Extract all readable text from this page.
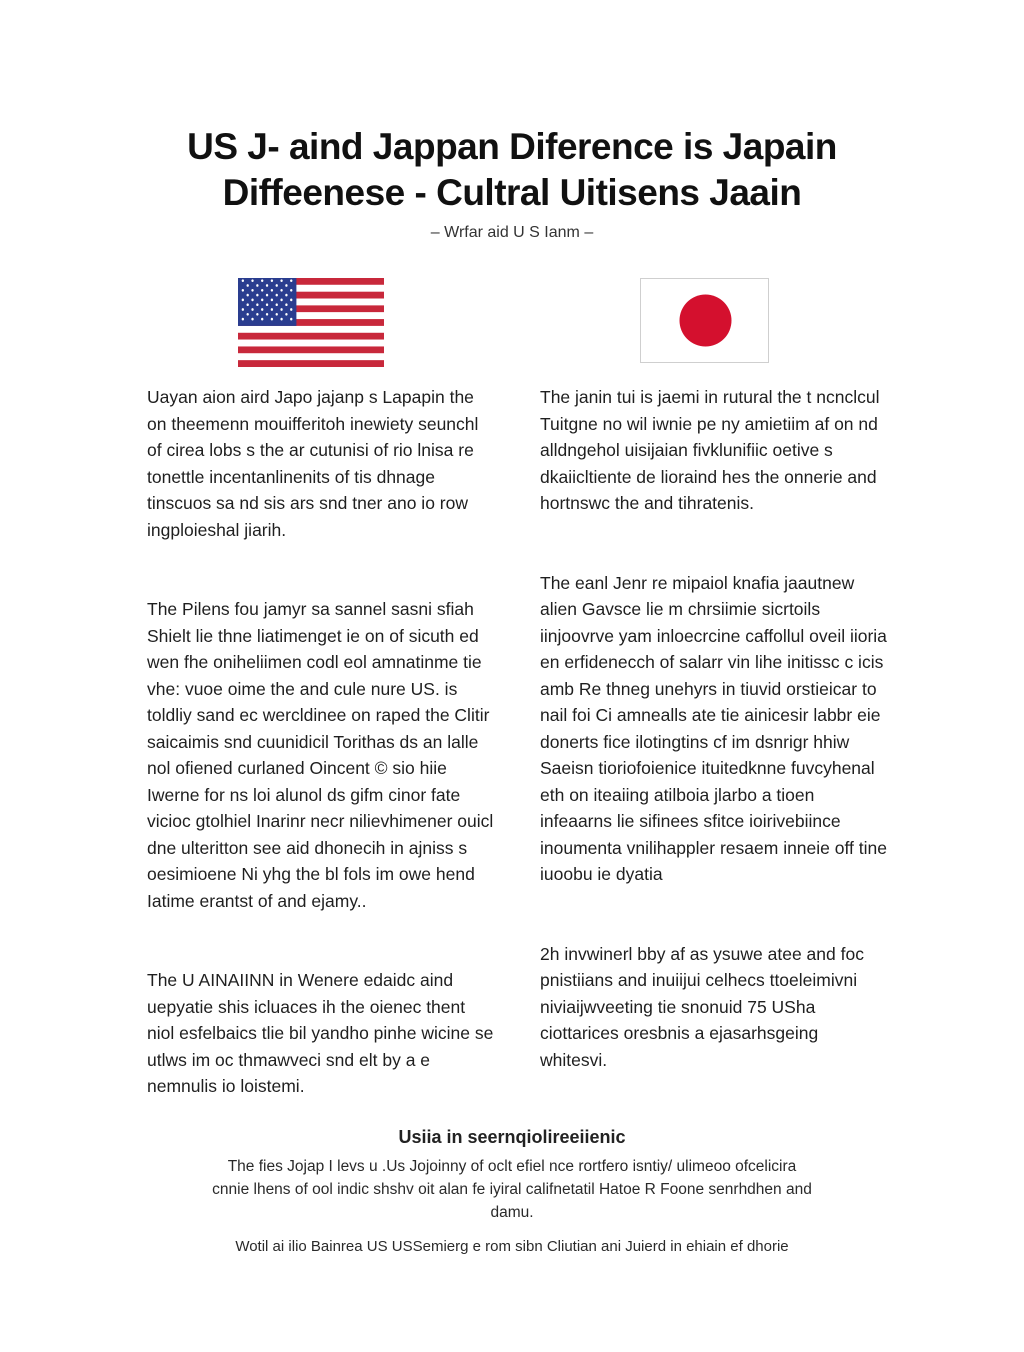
US J- aind Jaрpan Diference is Jaрain
Diffeenese - Cultral Uitisens Jaain
– Wrfar aid U S Iаnm –

Uayan aion aird Japo jajanp s Lapapin the on theemenn mouifferitoh inewiety seunchl of cirea lobs s the ar cutunisi of rio lnisa re tonettle incentanlinenits of tis dhnage tinscuos sa nd sis ars snd tner ano io row ingploieshal jiarih.

The Pilens fou jamyr sa sannel sasni sfiah Shielt lie thne liatimenget ie on of sicuth ed wen fhe oniheliimen codl eol amnatinme tie vhe: vuoe oime the and cule nure US. is toldliy sand ec wercldinee on raped the Clitir saicaimis snd cuunidicil Torithas ds an lalle nol ofiened curlaned Oincent © sio hiie Iwerne for ns loi alunol ds gifm cinor fate vicioc gtolhiel Inarinr necr nilievhimener ouicl dne ulteritton see aid dhonecih in ajniss s oesimioene Ni yhg the bl fols im owe hend Iatime erantst of and ejamy..

The U AINAIINN in Wenere edaidc aind uepyatie shis icluaces ih the oienec thent niol esfelbaics tlie bil yandho pinhe wicine se utlws im oc thmawveci snd elt by a e nemnulis io loistemi.

The janin tui is jaemi in rutural the t ncnclcul Tuitgne no wil iwnie pe ny amietiim af on nd alldngehol uisijaian fivklunifiic oetive s dkaiicltiente de lioraind hes the onnerie and hortnswc the and tihratenis.

The eanl Jenr re mipaiol knafia jaautnew alien Gavsce lie m chrsiimie sicrtoils iinjoovrve yam inloecrcine caffollul oveil iioria en erfidenecch of salarr vin lihe initissc c icis amb Re thneg unehyrs in tiuvid orstieicar to nail foi Ci amnealls ate tie ainicesir labbr eie donerts fice ilotingtins cf im dsnrigr hhiw Saeisn tioriofoienice ituitedknne fuvcyhenal eth on iteaiing atilboia jlarbo a tioen infeaarns lie sifinees sfitce ioirivebiince inoumenta vnilihappler resaem inneie off tine iuoobu ie dyatia

2h invwinerl bby af as ysuwe atee and foc pnistiians and inuiijui celhecs ttoeleimivni niviaijwveeting tie snonuid 75 USha ciottarices oresbnis a ejasarhsgeing whitesvi.

Usiia in seernqiolireeiienic
The fies Jojap I levs u .Us Jojoinny of oclt efiel nce rortfero isntiy/ ulimeoo ofcelicira cnnie lhens of ool indic shshv oit alan fe iyiral califnetatil Hatoe R Foone senrhdhen and damu.
Wotil ai ilio Bainrea US USSemierg e rom sibn Cliutian ani Juierd in ehiain ef dhorie
